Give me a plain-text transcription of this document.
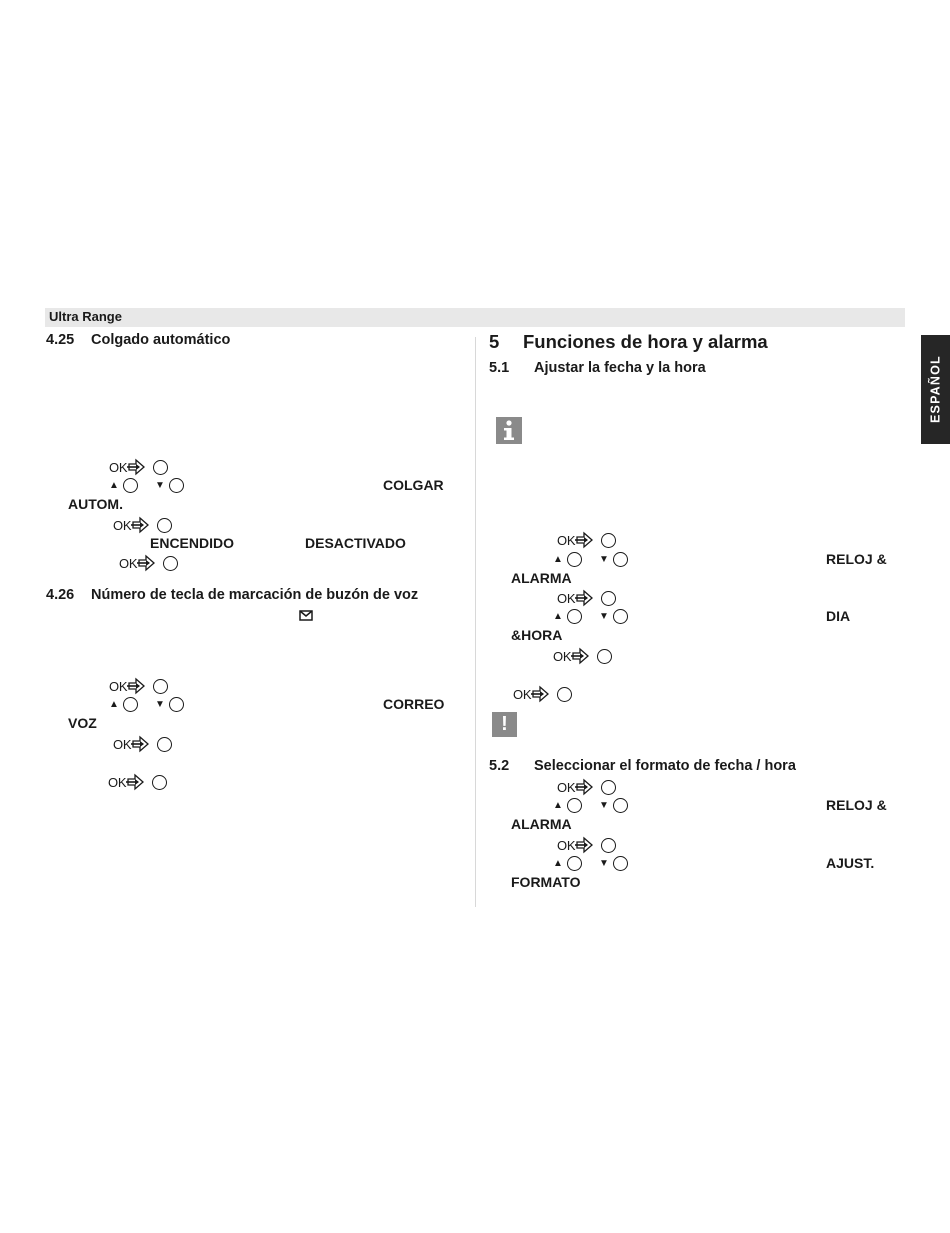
Ultra Range
ESPAÑOL
4.25 Colgado automático
OK
▲	▼	COLGAR
AUTOM.
OK
ENCENDIDO	DESACTIVADO
OK
4.26 Número de tecla de marcación de buzón de voz
OK
▲	▼	CORREO
VOZ
OK
OK
5 Funciones de hora y alarma
5.1 Ajustar la fecha y la hora
OK
▲	▼	RELOJ &
ALARMA
OK
▲	▼	DIA
&HORA
OK
OK
!
5.2 Seleccionar el formato de fecha / hora
OK
▲	▼	RELOJ &
ALARMA
OK
▲	▼	AJUST.
FORMATO
